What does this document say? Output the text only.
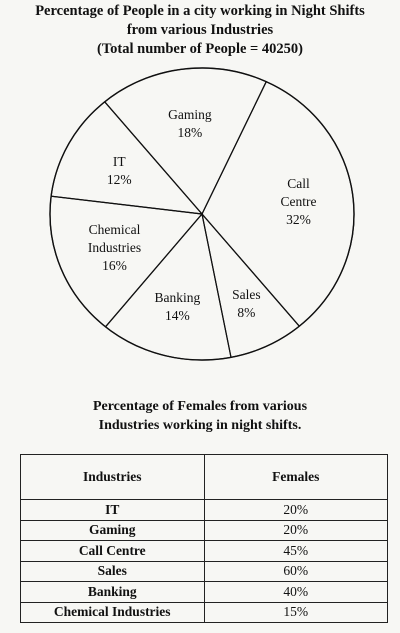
Percentage of People in a city working in Night Shifts
from various Industries
(Total number of People = 40250)
IT
12%
Gaming
18%
Call
Centre
32%
Sales
8%
Banking
14%
Chemical
Industries
16%
Percentage of Females from various
Industries working in night shifts.
Industries	Females
IT	20%
Gaming	20%
Call Centre	45%
Sales	60%
Banking	40%
Chemical Industries	15%
